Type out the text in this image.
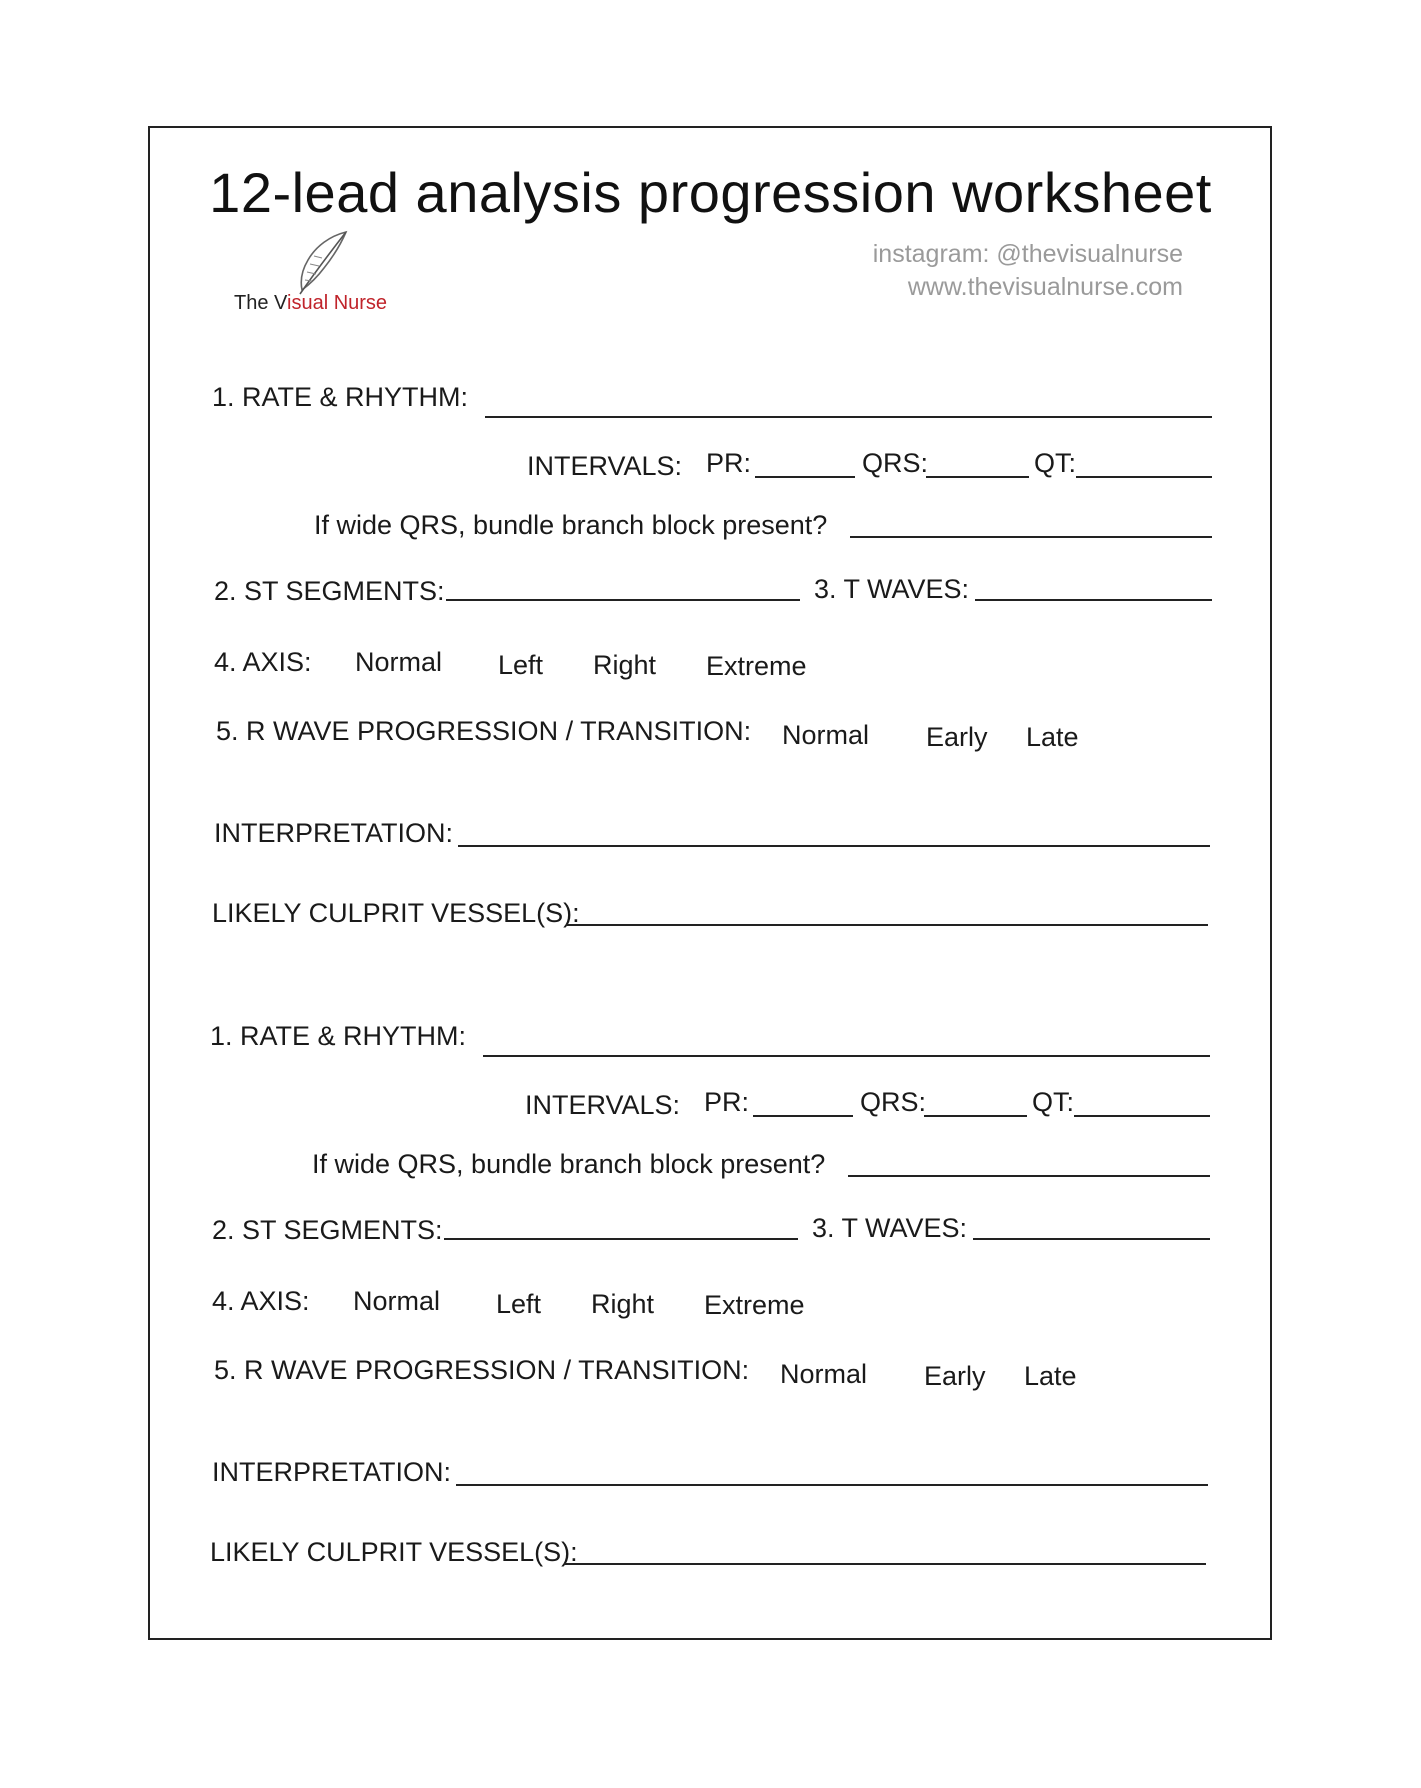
12-lead analysis progression worksheet
The Visual Nurse
instagram: @thevisualnurse
www.thevisualnurse.com
1. RATE & RHYTHM:
INTERVALS: PR:	QRS:	QT:
If wide QRS, bundle branch block present?
2. ST SEGMENTS:	3. T WAVES:
4. AXIS: Normal Left Right Extreme
5. R WAVE PROGRESSION / TRANSITION: Normal Early Late
INTERPRETATION:
LIKELY CULPRIT VESSEL(S):
1. RATE & RHYTHM:
INTERVALS: PR:	QRS:	QT:
If wide QRS, bundle branch block present?
2. ST SEGMENTS:	3. T WAVES:
4. AXIS: Normal Left Right Extreme
5. R WAVE PROGRESSION / TRANSITION: Normal Early Late
INTERPRETATION:
LIKELY CULPRIT VESSEL(S):
